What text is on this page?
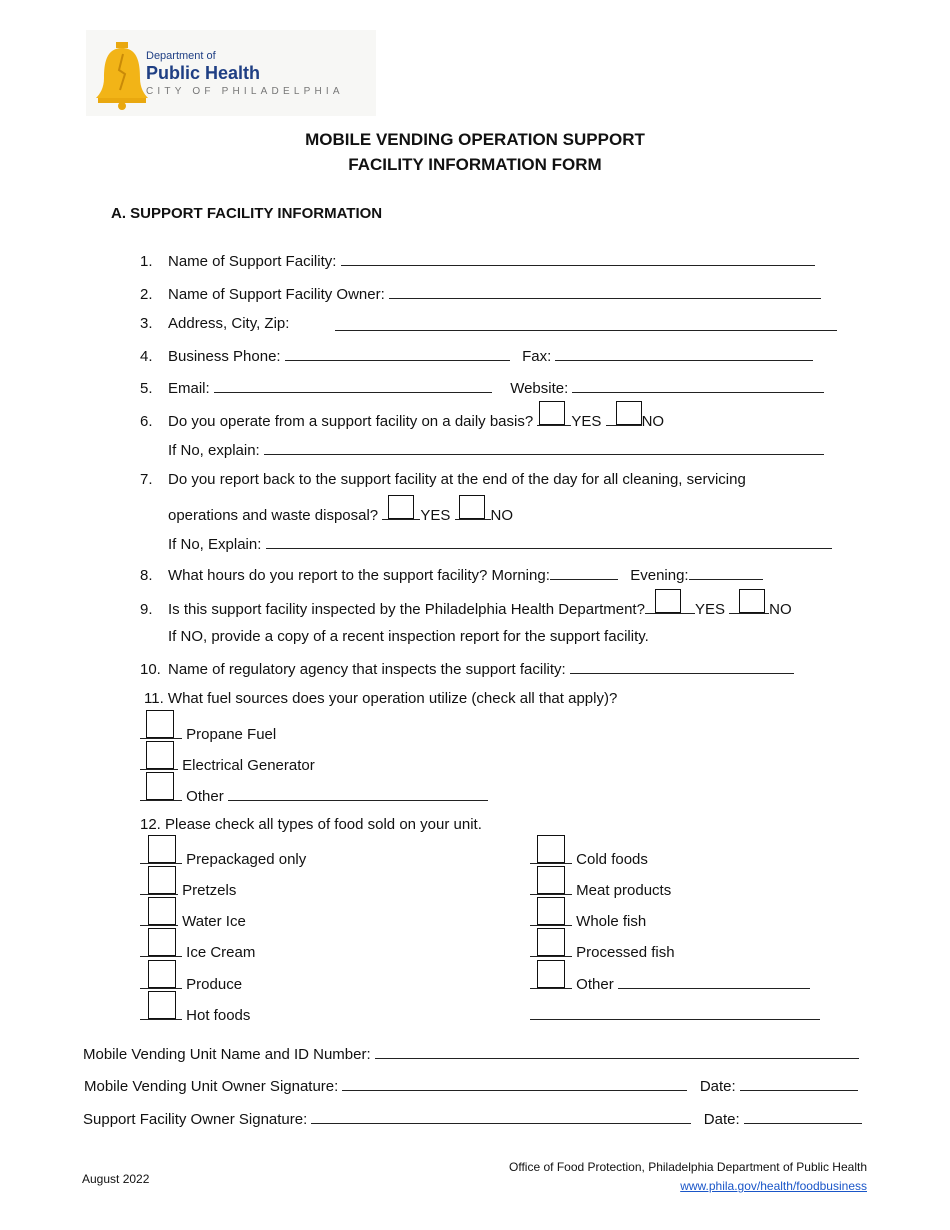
Department of
Public Health
CITY OF PHILADELPHIA
MOBILE VENDING OPERATION SUPPORT
FACILITY INFORMATION FORM
A. SUPPORT FACILITY INFORMATION
1. Name of Support Facility:
2. Name of Support Facility Owner:
3. Address, City, Zip:
4. Business Phone:	Fax:
5. Email:	Website:
6. Do you operate from a support facility on a daily basis?	YES	NO
If No, explain:
7. Do you report back to the support facility at the end of the day for all cleaning, servicing
operations and waste disposal?	YES	NO
If No, Explain:
8. What hours do you report to the support facility? Morning:	Evening:
9. Is this support facility inspected by the Philadelphia Health Department?	YES	NO
If NO, provide a copy of a recent inspection report for the support facility.
10. Name of regulatory agency that inspects the support facility:
11. What fuel sources does your operation utilize (check all that apply)?
Propane Fuel
Electrical Generator
Other
12. Please check all types of food sold on your unit.
Prepackaged only
Pretzels
Water Ice
Ice Cream
Produce
Hot foods
Cold foods
Meat products
Whole fish
Processed fish
Other
Mobile Vending Unit Name and ID Number:
Mobile Vending Unit Owner Signature:	Date:
Support Facility Owner Signature:	Date:
August 2022
Office of Food Protection, Philadelphia Department of Public Health
www.phila.gov/health/foodbusiness
